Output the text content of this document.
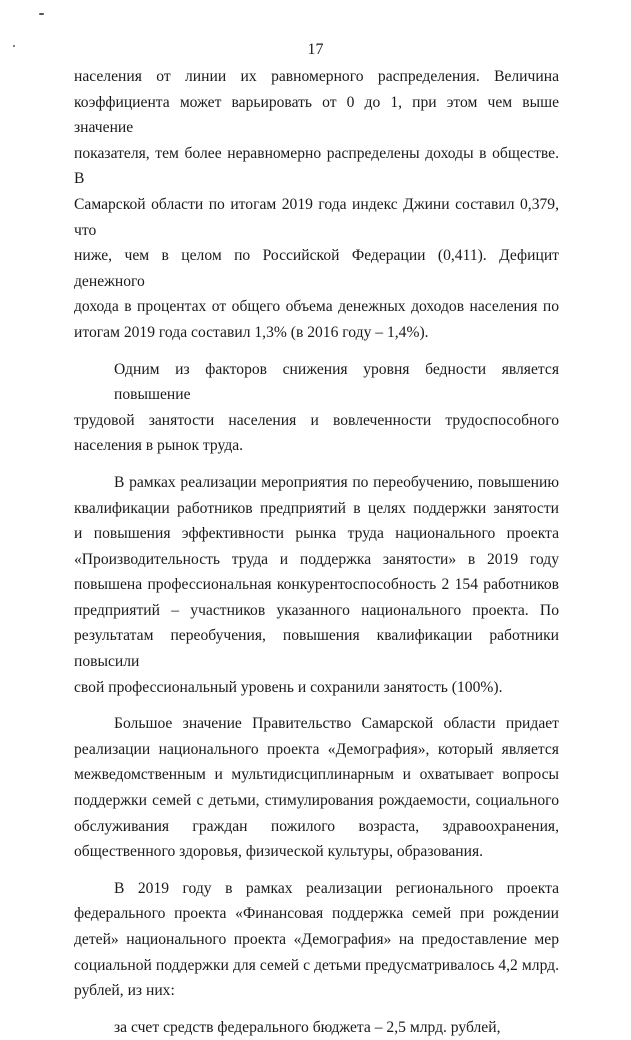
17

населения от линии их равномерного распределения. Величина
коэффициента может варьировать от 0 до 1, при этом чем выше значение
показателя, тем более неравномерно распределены доходы в обществе. В
Самарской области по итогам 2019 года индекс Джини составил 0,379, что
ниже, чем в целом по Российской Федерации (0,411). Дефицит денежного
дохода в процентах от общего объема денежных доходов населения по
итогам 2019 года составил 1,3% (в 2016 году – 1,4%).

Одним из факторов снижения уровня бедности является повышение
трудовой занятости населения и вовлеченности трудоспособного
населения в рынок труда.

В рамках реализации мероприятия по переобучению, повышению
квалификации работников предприятий в целях поддержки занятости
и повышения эффективности рынка труда национального проекта
«Производительность труда и поддержка занятости» в 2019 году
повышена профессиональная конкурентоспособность 2 154 работников
предприятий – участников указанного национального проекта. По
результатам переобучения, повышения квалификации работники повысили
свой профессиональный уровень и сохранили занятость (100%).

Большое значение Правительство Самарской области придает
реализации национального проекта «Демография», который является
межведомственным и мультидисциплинарным и охватывает вопросы
поддержки семей с детьми, стимулирования рождаемости, социального
обслуживания граждан пожилого возраста, здравоохранения,
общественного здоровья, физической культуры, образования.

В 2019 году в рамках реализации регионального проекта
федерального проекта «Финансовая поддержка семей при рождении
детей» национального проекта «Демография» на предоставление мер
социальной поддержки для семей с детьми предусматривалось 4,2 млрд.
рублей, из них:

за счет средств федерального бюджета – 2,5 млрд. рублей,
